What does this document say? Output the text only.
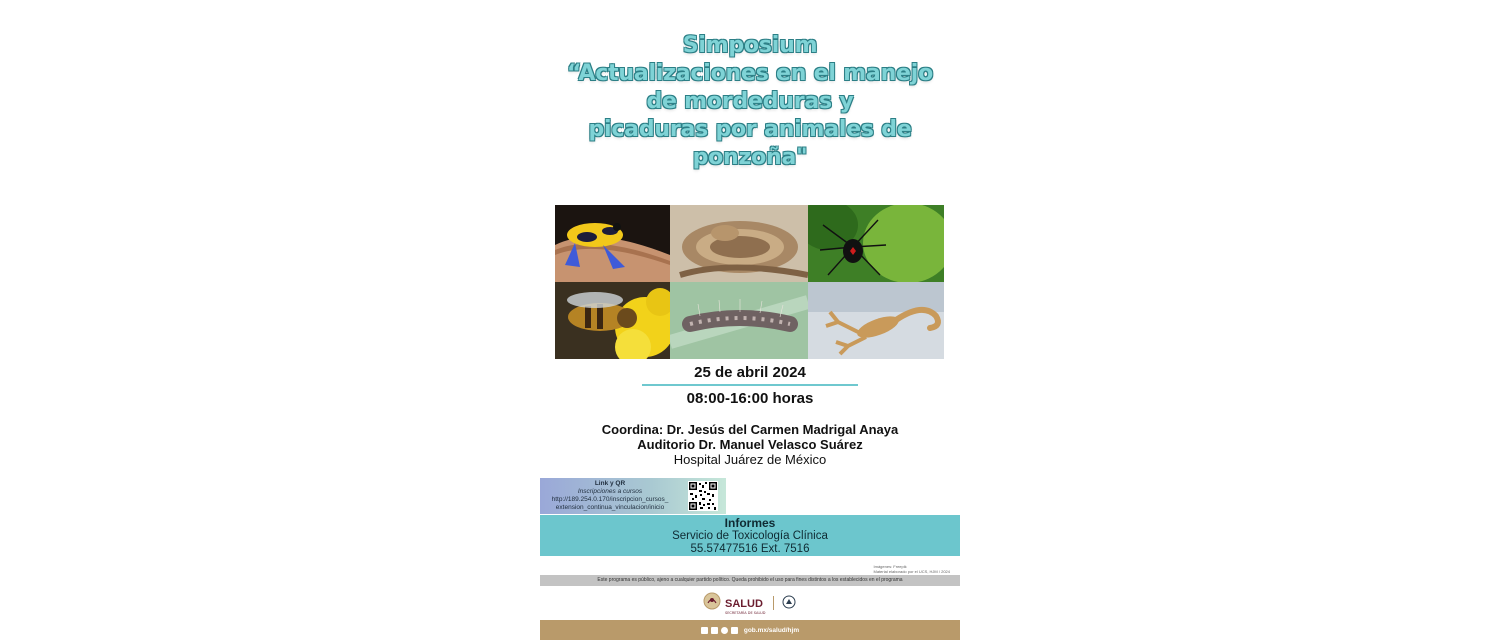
Simposium
“Actualizaciones en el manejo
de mordeduras y
picaduras por animales de
ponzoña"
25 de abril 2024
08:00-16:00 horas
Coordina: Dr. Jesús del Carmen Madrigal Anaya
Auditorio Dr. Manuel Velasco Suárez
Hospital Juárez de México
Link y QR
Inscripciones a cursos
http://189.254.0.170/inscripcion_cursos_
extension_continua_vinculacion/inicio
Informes
Servicio de Toxicología Clínica
55.57477516 Ext. 7516
Imágenes: Freepik
Material elaborado por el UCS, HJM / 2024
Este programa es público, ajeno a cualquier partido político. Queda prohibido el uso para fines distintos a los establecidos en el programa
SALUD
SECRETARÍA DE SALUD
gob.mx/salud/hjm
